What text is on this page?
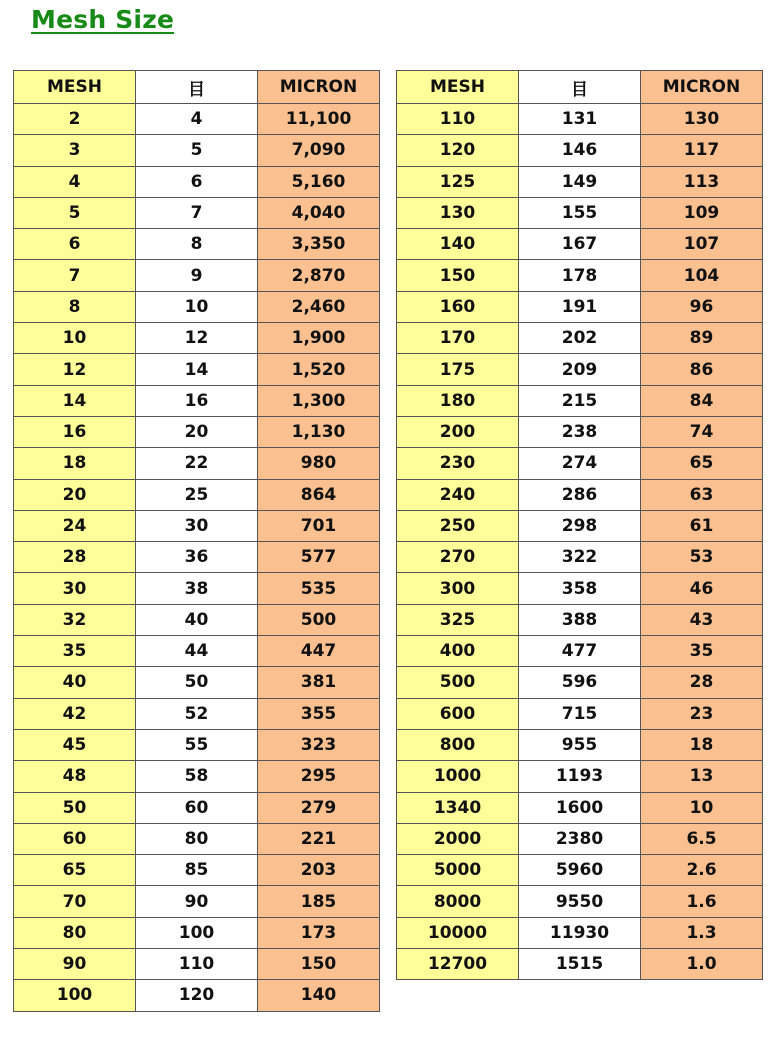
Mesh Size
MESH	目	MICRON
2	4	11,100
3	5	7,090
4	6	5,160
5	7	4,040
6	8	3,350
7	9	2,870
8	10	2,460
10	12	1,900
12	14	1,520
14	16	1,300
16	20	1,130
18	22	980
20	25	864
24	30	701
28	36	577
30	38	535
32	40	500
35	44	447
40	50	381
42	52	355
45	55	323
48	58	295
50	60	279
60	80	221
65	85	203
70	90	185
80	100	173
90	110	150
100	120	140
MESH	目	MICRON
110	131	130
120	146	117
125	149	113
130	155	109
140	167	107
150	178	104
160	191	96
170	202	89
175	209	86
180	215	84
200	238	74
230	274	65
240	286	63
250	298	61
270	322	53
300	358	46
325	388	43
400	477	35
500	596	28
600	715	23
800	955	18
1000	1193	13
1340	1600	10
2000	2380	6.5
5000	5960	2.6
8000	9550	1.6
10000	11930	1.3
12700	1515	1.0
